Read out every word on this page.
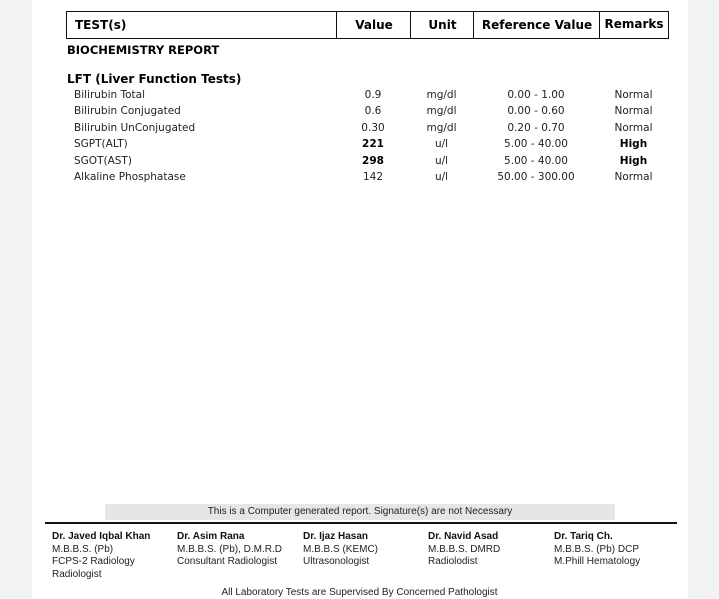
TEST(s)	Value	Unit	Reference Value	Remarks
BIOCHEMISTRY REPORT
LFT (Liver Function Tests)
Bilirubin Total	0.9	mg/dl	0.00 - 1.00	Normal
Bilirubin Conjugated	0.6	mg/dl	0.00 - 0.60	Normal
Bilirubin UnConjugated	0.30	mg/dl	0.20 - 0.70	Normal
SGPT(ALT)	221	u/l	5.00 - 40.00	High
SGOT(AST)	298	u/l	5.00 - 40.00	High
Alkaline Phosphatase	142	u/l	50.00 - 300.00	Normal
This is a Computer generated report. Signature(s) are not Necessary
Dr. Javed Iqbal Khan
M.B.B.S. (Pb)
FCPS-2 Radiology
Radiologist
Dr. Asim Rana
M.B.B.S. (Pb), D.M.R.D
Consultant Radiologist
Dr. Ijaz Hasan
M.B.B.S (KEMC)
Ultrasonologist
Dr. Navid Asad
M.B.B.S. DMRD
Radiolodist
Dr. Tariq Ch.
M.B.B.S. (Pb) DCP
M.Phill Hematology
All Laboratory Tests are Supervised By Concerned Pathologist
